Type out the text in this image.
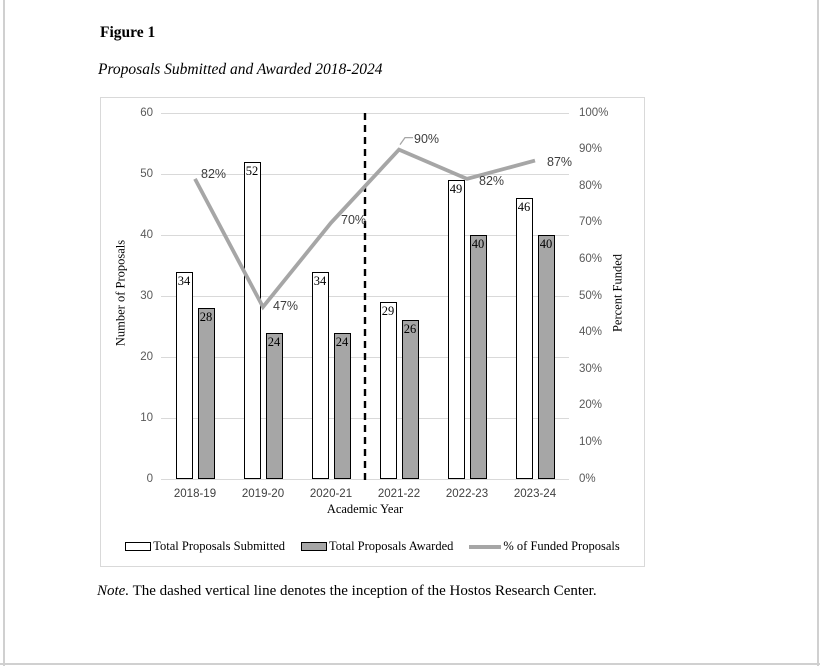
Figure 1
Proposals Submitted and Awarded 2018-2024
Number of Proposals	Percent Funded
Academic Year
Total Proposals Submitted	Total Proposals Awarded	% of Funded Proposals
0
10
20
30
40
50
60
0%
10%
20%
30%
40%
50%
60%
70%
80%
90%
100%
2018-19	2019-20	2020-21	2021-22	2022-23	2023-24
34
28
52
24
34
24
29
26
49
40
46
40
82%
47%
70%
90%
82%
87%
Note. The dashed vertical line denotes the inception of the Hostos Research Center.
